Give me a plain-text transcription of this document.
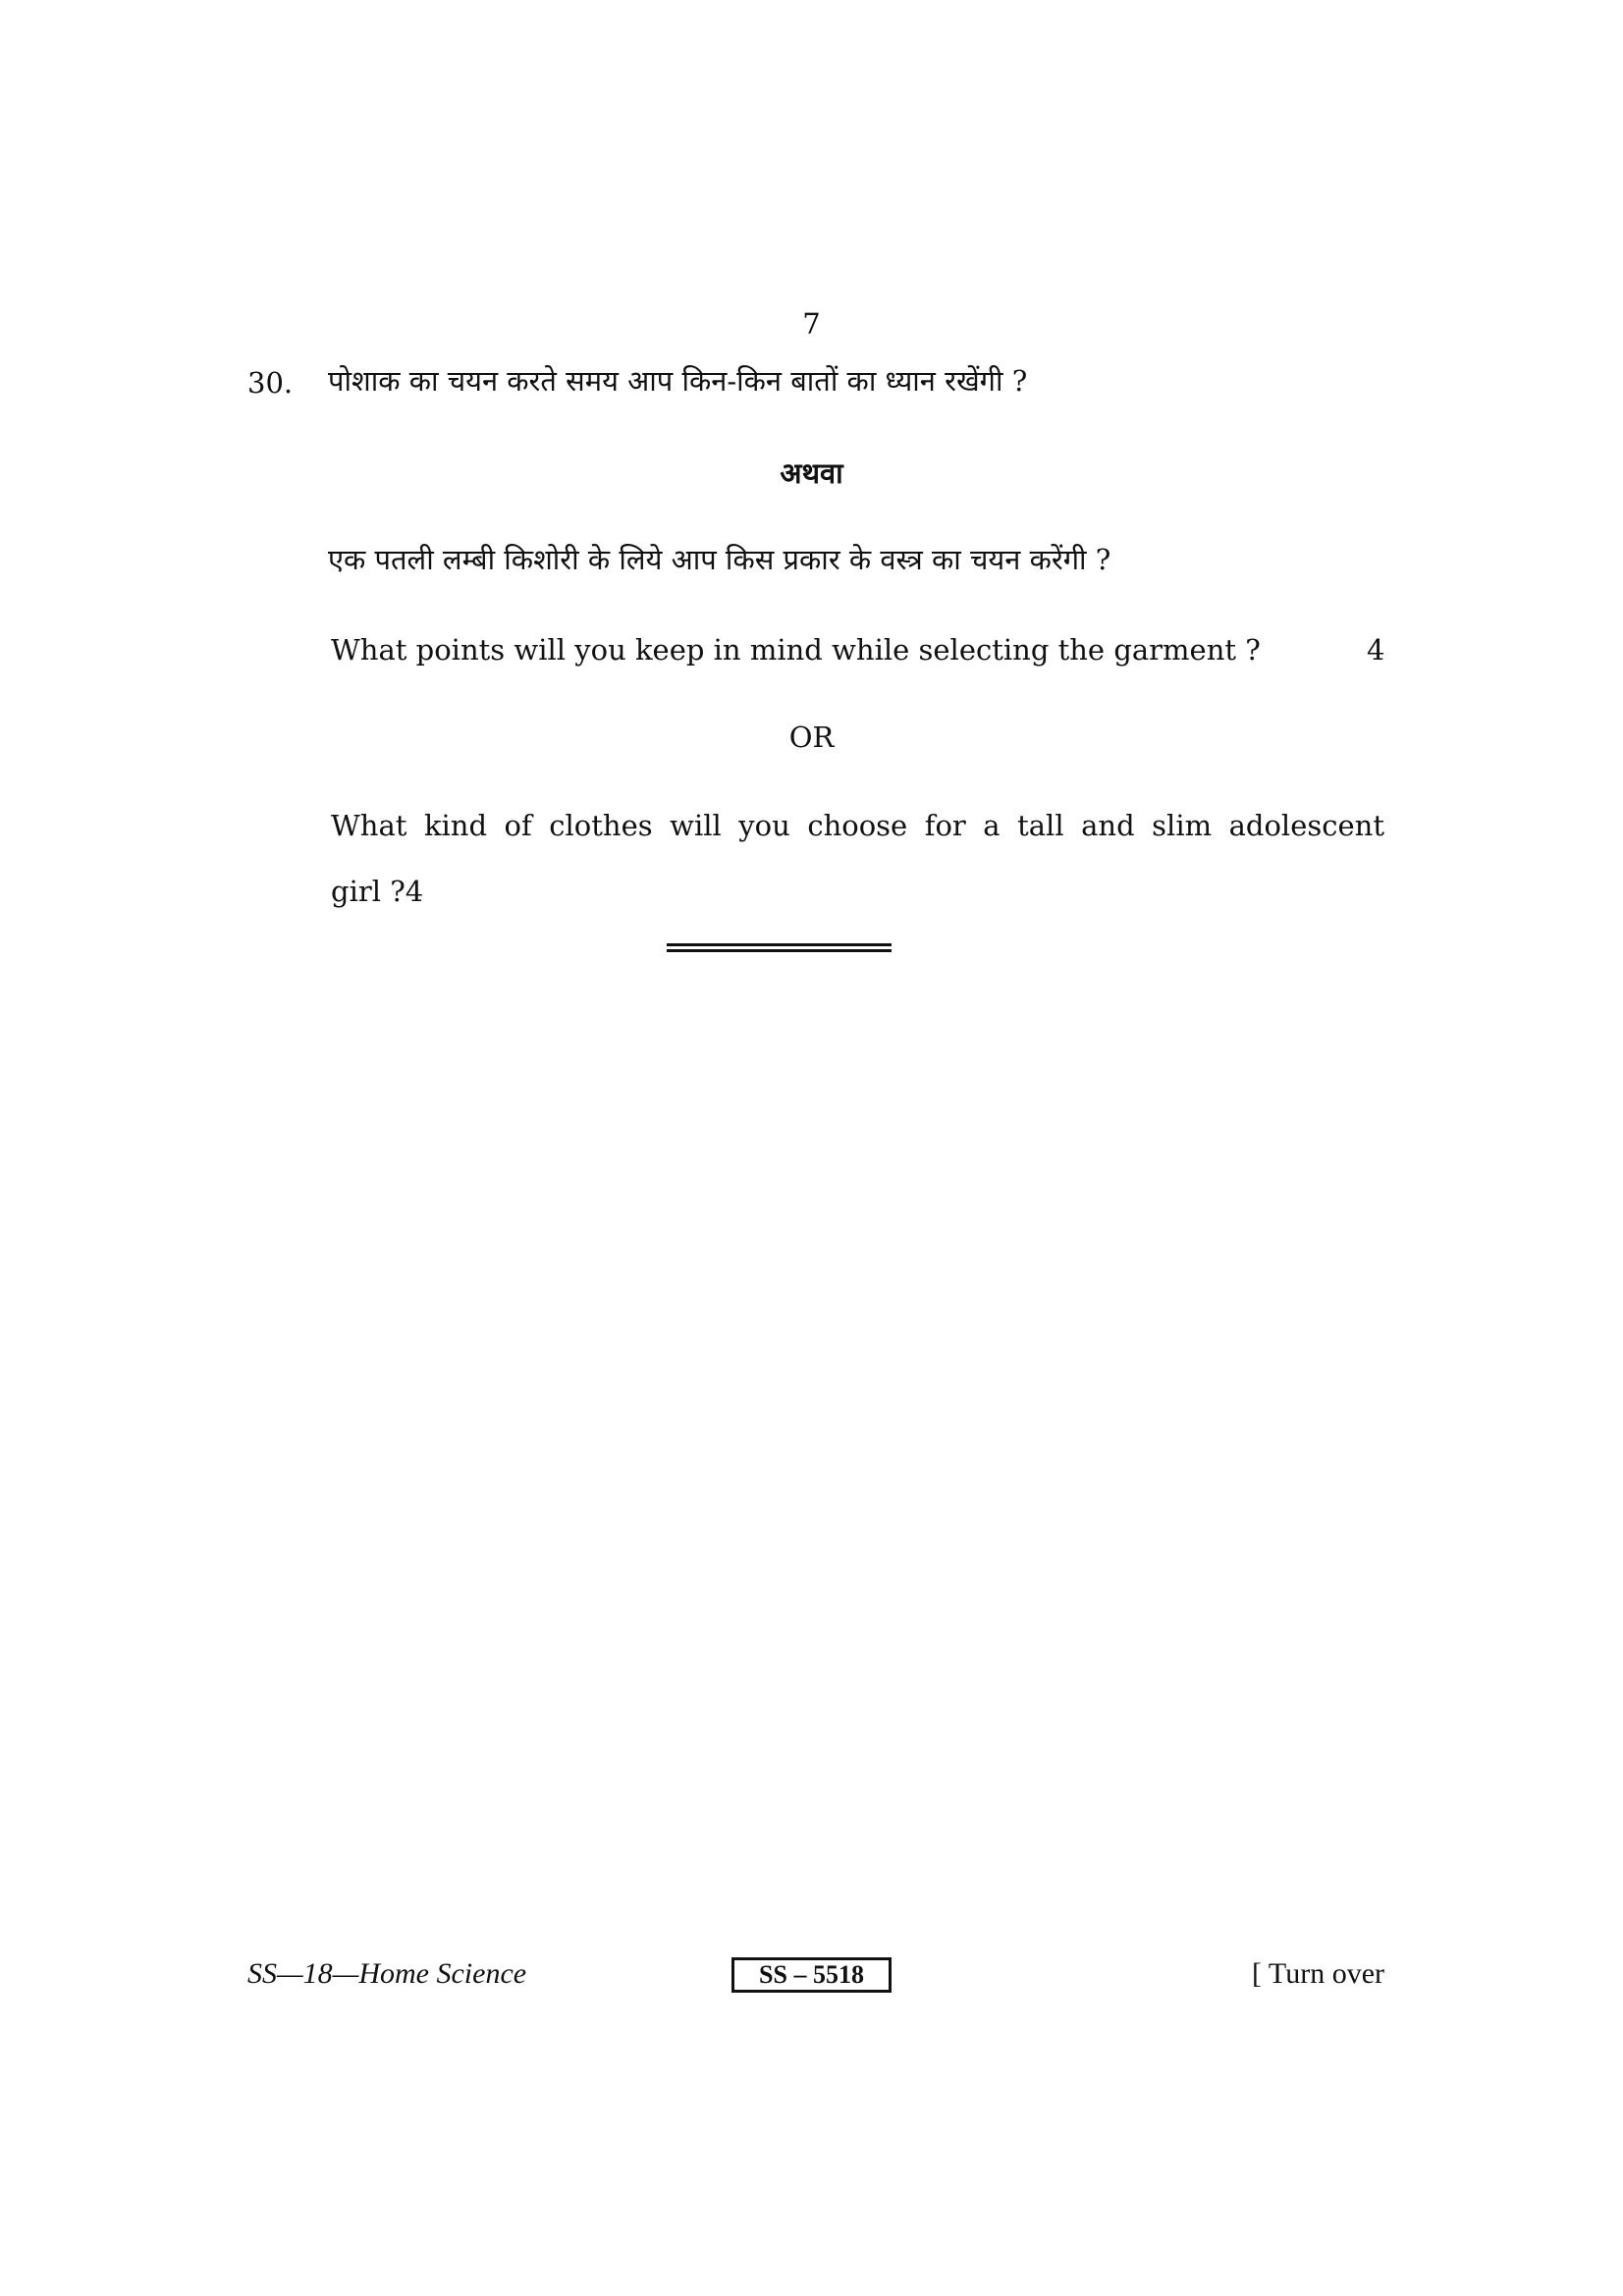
7
30. पोशाक का चयन करते समय आप किन-किन बातों का ध्यान रखेंगी ?
अथवा
एक पतली लम्बी किशोरी के लिये आप किस प्रकार के वस्त्र का चयन करेंगी ?
What points will you keep in mind while selecting the garment ?	4
OR
What kind of clothes will you choose for a tall and slim adolescent
girl ?4
SS—18—Home Science	SS – 5518	[ Turn over
